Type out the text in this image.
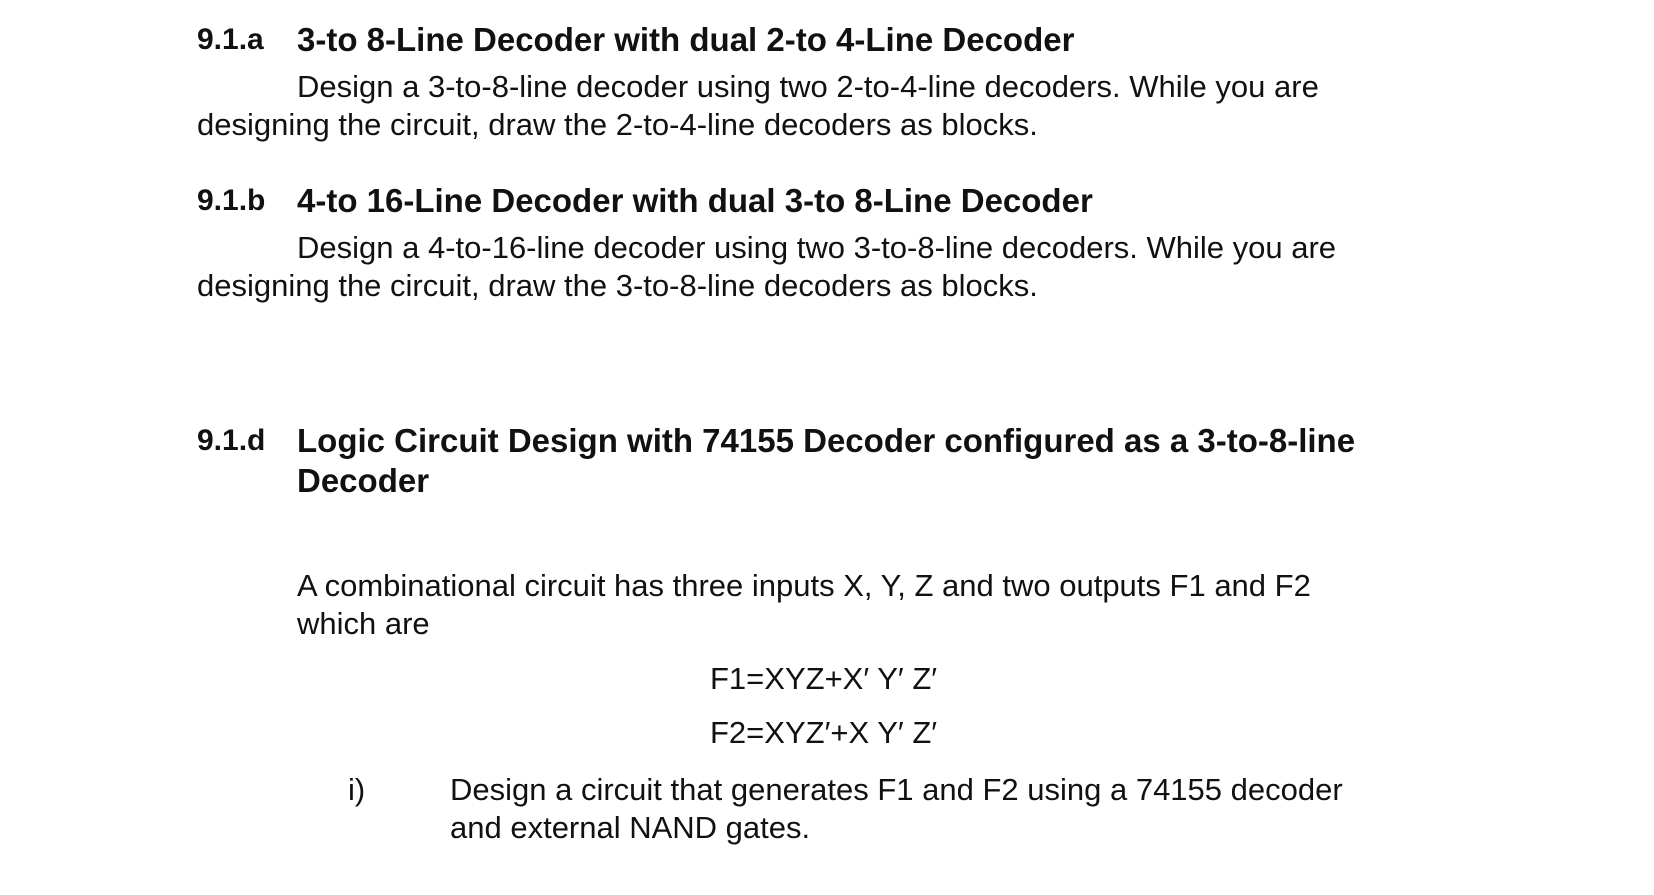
9.1.a	3-to 8-Line Decoder with dual 2-to 4-Line Decoder
Design a 3-to-8-line decoder using two 2-to-4-line decoders. While you are
designing the circuit, draw the 2-to-4-line decoders as blocks.
9.1.b 4-to 16-Line Decoder with dual 3-to 8-Line Decoder
Design a 4-to-16-line decoder using two 3-to-8-line decoders. While you are
designing the circuit, draw the 3-to-8-line decoders as blocks.
9.1.d Logic Circuit Design with 74155 Decoder configured as a 3-to-8-line
Decoder
A combinational circuit has three inputs X, Y, Z and two outputs F1 and F2
which are
F1=XYZ+X′ Y′ Z′
F2=XYZ′+X Y′ Z′
i)	Design a circuit that generates F1 and F2 using a 74155 decoder
and external NAND gates.
